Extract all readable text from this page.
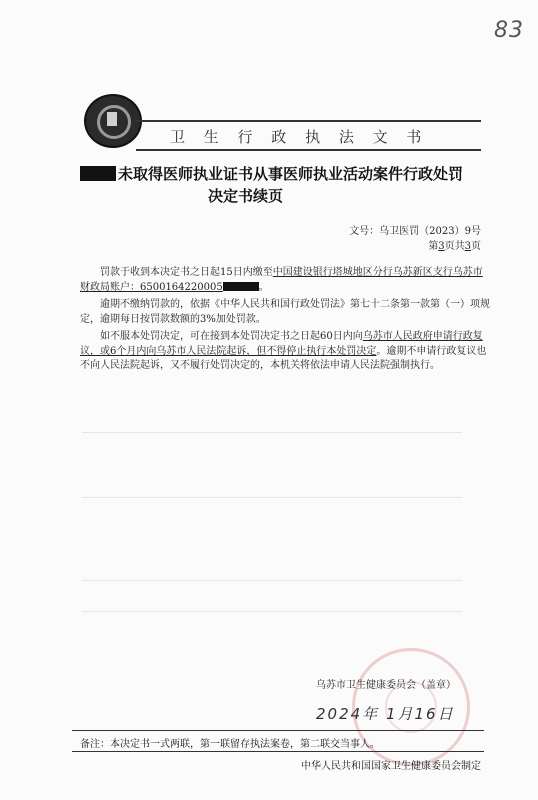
83
卫 生 行 政 执 法 文 书
未取得医师执业证书从事医师执业活动案件行政处罚
决定书续页
文号：乌卫医罚（2023）9号
第3页共3页

罚款于收到本决定书之日起15日内缴至中国建设银行塔城地区分行乌苏新区支行乌苏市财政局账户：6500164220005	。

逾期不缴纳罚款的，依据《中华人民共和国行政处罚法》第七十二条第一款第（一）项规定，逾期每日按罚款数额的3%加处罚款。

如不服本处罚决定，可在接到本处罚决定书之日起60日内向乌苏市人民政府申请行政复议，或6个月内向乌苏市人民法院起诉，但不得停止执行本处罚决定。逾期不申请行政复议也不向人民法院起诉，又不履行处罚决定的，本机关将依法申请人民法院强制执行。

乌苏市卫生健康委员会（盖章）
2024年 1月16日
备注：本决定书一式两联，第一联留存执法案卷，第二联交当事人。
中华人民共和国国家卫生健康委员会制定
